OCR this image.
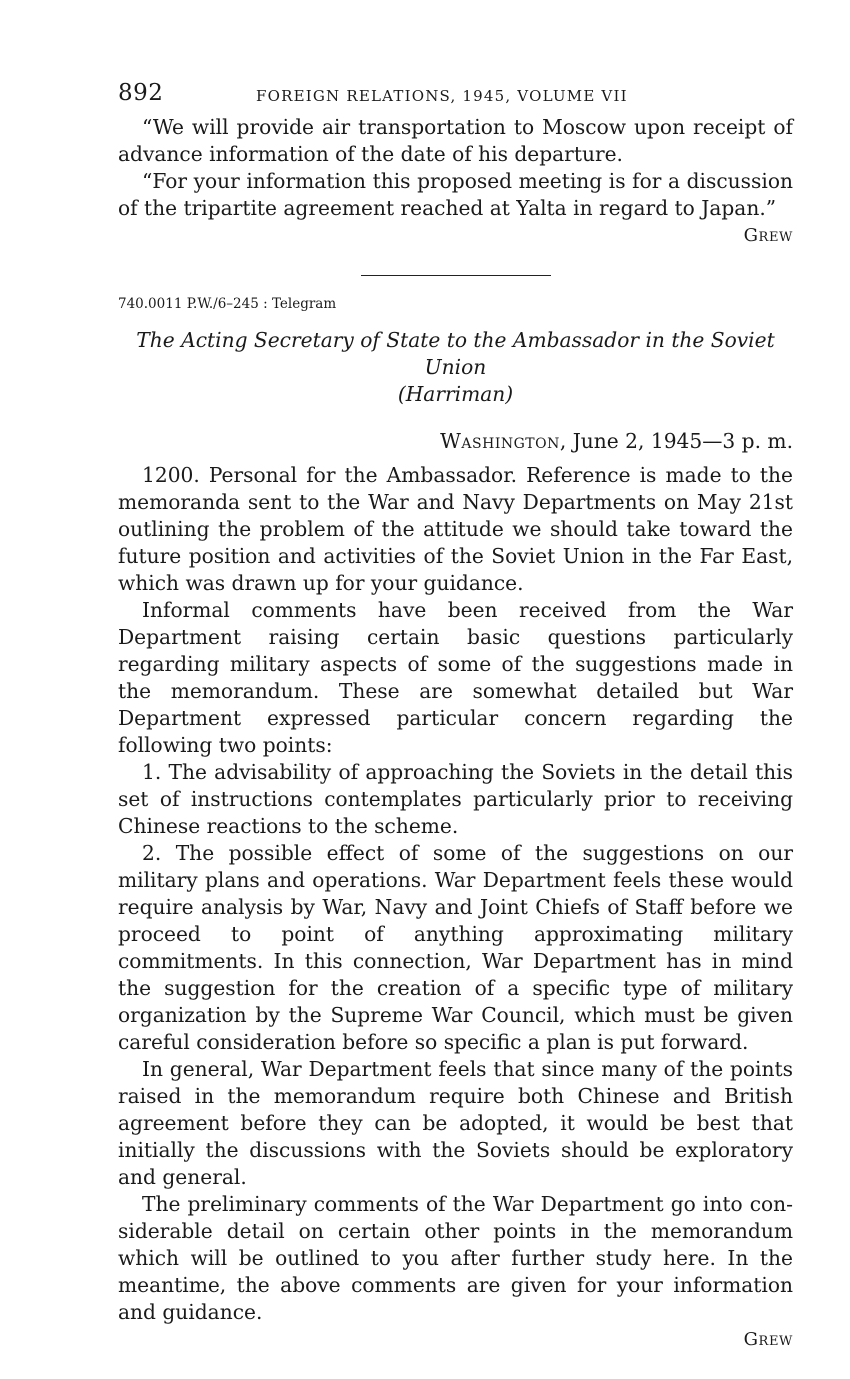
892	FOREIGN RELATIONS, 1945, VOLUME VII

“We will provide air transportation to Moscow upon receipt of advance information of the date of his departure.

“For your information this proposed meeting is for a discussion of the tripartite agreement reached at Yalta in regard to Japan.”

Grew
740.0011 P.W./6–245 : Telegram
The Acting Secretary of State to the Ambassador in the Soviet Union
(Harriman)
Washington, June 2, 1945—3 p. m.

1200. Personal for the Ambassador. Reference is made to the memoranda sent to the War and Navy Departments on May 21st outlining the problem of the attitude we should take toward the future position and activities of the Soviet Union in the Far East, which was drawn up for your guidance.

Informal comments have been received from the War Department raising certain basic questions particularly regarding military aspects of some of the suggestions made in the memorandum. These are somewhat detailed but War Department expressed particular concern regarding the following two points:

1. The advisability of approaching the Soviets in the detail this set of instructions contemplates particularly prior to receiving Chinese reactions to the scheme.

2. The possible effect of some of the suggestions on our military plans and operations. War Department feels these would require analysis by War, Navy and Joint Chiefs of Staff before we proceed to point of anything approximating military commitments. In this connection, War Department has in mind the suggestion for the creation of a specific type of military organization by the Supreme War Council, which must be given careful consideration before so specific a plan is put forward.

In general, War Department feels that since many of the points raised in the memorandum require both Chinese and British agreement before they can be adopted, it would be best that initially the discussions with the Soviets should be exploratory and general.

The preliminary comments of the War Department go into considerable detail on certain other points in the memorandum which will be outlined to you after further study here. In the meantime, the above comments are given for your information and guidance.

Grew
